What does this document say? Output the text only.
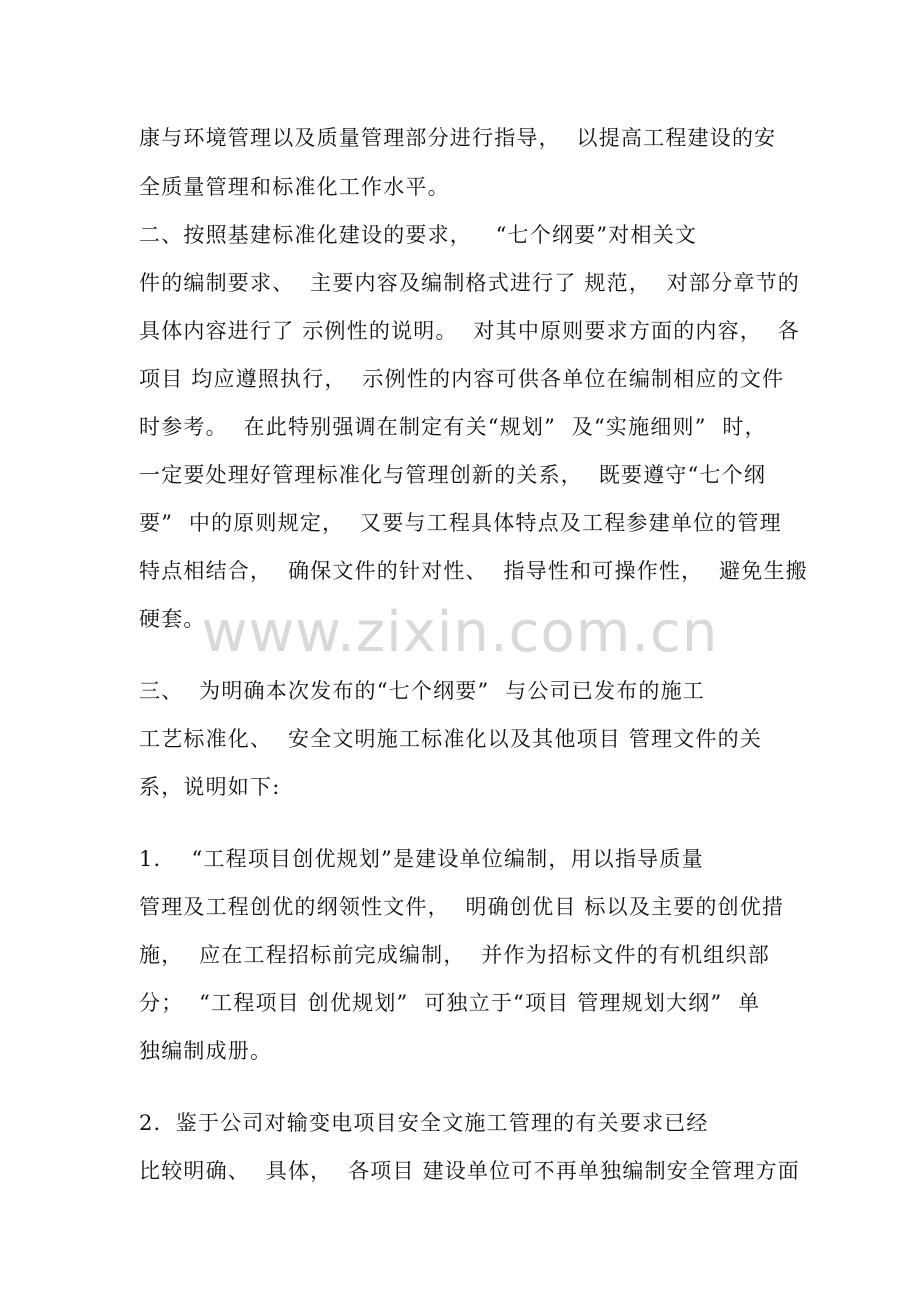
www.zixin.com.cn
康与环境管理以及质量管理部分进行指导，  以提高工程建设的安
全质量管理和标准化工作水平。
二、按照基建标准化建设的要求，   “七个纲要”对相关文
件的编制要求、  主要内容及编制格式进行了 规范，  对部分章节的
具体内容进行了 示例性的说明。  对其中原则要求方面的内容，  各
项目 均应遵照执行，  示例性的内容可供各单位在编制相应的文件
时参考。  在此特别强调在制定有关“规划”  及“实施细则”  时，
一定要处理好管理标准化与管理创新的关系，  既要遵守“七个纲
要”  中的原则规定，  又要与工程具体特点及工程参建单位的管理
特点相结合，  确保文件的针对性、  指导性和可操作性，  避免生搬
硬套。
三、  为明确本次发布的“七个纲要”  与公司已发布的施工
工艺标准化、  安全文明施工标准化以及其他项目 管理文件的关
系，说明如下:
1．  “工程项目创优规划”是建设单位编制，用以指导质量
管理及工程创优的纲领性文件，  明确创优目 标以及主要的创优措
施，  应在工程招标前完成编制，  并作为招标文件的有机组织部
分；  “工程项目 创优规划”  可独立于“项目 管理规划大纲”  单
独编制成册。
2．鉴于公司对输变电项目安全文施工管理的有关要求已经
比较明确、  具体，  各项目 建设单位可不再单独编制安全管理方面
